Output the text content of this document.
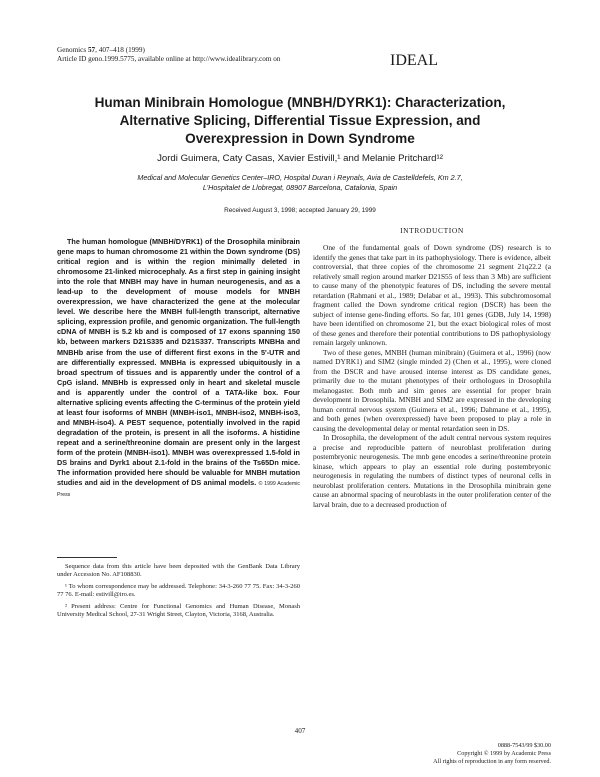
Genomics 57, 407–418 (1999)
Article ID geno.1999.5775, available online at http://www.idealibrary.com on	IDEAL
Human Minibrain Homologue (MNBH/DYRK1): Characterization,
Alternative Splicing, Differential Tissue Expression, and
Overexpression in Down Syndrome
Jordi Guimera, Caty Casas, Xavier Estivill,¹ and Melanie Pritchard¹²
Medical and Molecular Genetics Center–IRO, Hospital Duran i Reynals, Avia de Castelldefels, Km 2.7,
L'Hospitalet de Llobregat, 08907 Barcelona, Catalonia, Spain
Received August 3, 1998; accepted January 29, 1999
The human homologue (MNBH/DYRK1) of the Drosophila minibrain gene maps to human chromosome 21 within the Down syndrome (DS) critical region and is within the region minimally deleted in chromosome 21-linked microcephaly. As a first step in gaining insight into the role that MNBH may have in human neurogenesis, and as a lead-up to the development of mouse models for MNBH overexpression, we have characterized the gene at the molecular level. We describe here the MNBH full-length transcript, alternative splicing, expression profile, and genomic organization. The full-length cDNA of MNBH is 5.2 kb and is composed of 17 exons spanning 150 kb, between markers D21S335 and D21S337. Transcripts MNBHa and MNBHb arise from the use of different first exons in the 5'-UTR and are differentially expressed. MNBHa is expressed ubiquitously in a broad spectrum of tissues and is apparently under the control of a CpG island. MNBHb is expressed only in heart and skeletal muscle and is apparently under the control of a TATA-like box. Four alternative splicing events affecting the C-terminus of the protein yield at least four isoforms of MNBH (MNBH-iso1, MNBH-iso2, MNBH-iso3, and MNBH-iso4). A PEST sequence, potentially involved in the rapid degradation of the protein, is present in all the isoforms. A histidine repeat and a serine/threonine domain are present only in the largest form of the protein (MNBH-iso1). MNBH was overexpressed 1.5-fold in DS brains and Dyrk1 about 2.1-fold in the brains of the Ts65Dn mice. The information provided here should be valuable for MNBH mutation studies and aid in the development of DS animal models. © 1999 Academic Press

Sequence data from this article have been deposited with the GenBank Data Library under Accession No. AF108830.

¹ To whom correspondence may be addressed. Telephone: 34-3-260 77 75. Fax: 34-3-260 77 76. E-mail: estivill@iro.es.

² Present address: Centre for Functional Genomics and Human Disease, Monash University Medical School, 27-31 Wright Street, Clayton, Victoria, 3168, Australia.

INTRODUCTION

One of the fundamental goals of Down syndrome (DS) research is to identify the genes that take part in its pathophysiology. There is evidence, albeit controversial, that three copies of the chromosome 21 segment 21q22.2 (a relatively small region around marker D21S55 of less than 3 Mb) are sufficient to cause many of the phenotypic features of DS, including the severe mental retardation (Rahmani et al., 1989; Delabar et al., 1993). This subchromosomal fragment called the Down syndrome critical region (DSCR) has been the subject of intense gene-finding efforts. So far, 101 genes (GDB, July 14, 1998) have been identified on chromosome 21, but the exact biological roles of most of these genes and therefore their potential contributions to DS pathophysiology remain largely unknown.

Two of these genes, MNBH (human minibrain) (Guimera et al., 1996) (now named DYRK1) and SIM2 (single minded 2) (Chen et al., 1995), were cloned from the DSCR and have aroused intense interest as DS candidate genes, primarily due to the mutant phenotypes of their orthologues in Drosophila melanogaster. Both mnb and sim genes are essential for proper brain development in Drosophila. MNBH and SIM2 are expressed in the developing human central nervous system (Guimera et al., 1996; Dahmane et al., 1995), and both genes (when overexpressed) have been proposed to play a role in causing the developmental delay or mental retardation seen in DS.

In Drosophila, the development of the adult central nervous system requires a precise and reproducible pattern of neuroblast proliferation during postembryonic neurogenesis. The mnb gene encodes a serine/threonine protein kinase, which appears to play an essential role during postembryonic neurogenesis in regulating the numbers of distinct types of neuronal cells in neuroblast proliferation centers. Mutations in the Drosophila minibrain gene cause an abnormal spacing of neuroblasts in the outer proliferation center of the larval brain, due to a decreased production of

407
0888-7543/99 $30.00
Copyright © 1999 by Academic Press
All rights of reproduction in any form reserved.
